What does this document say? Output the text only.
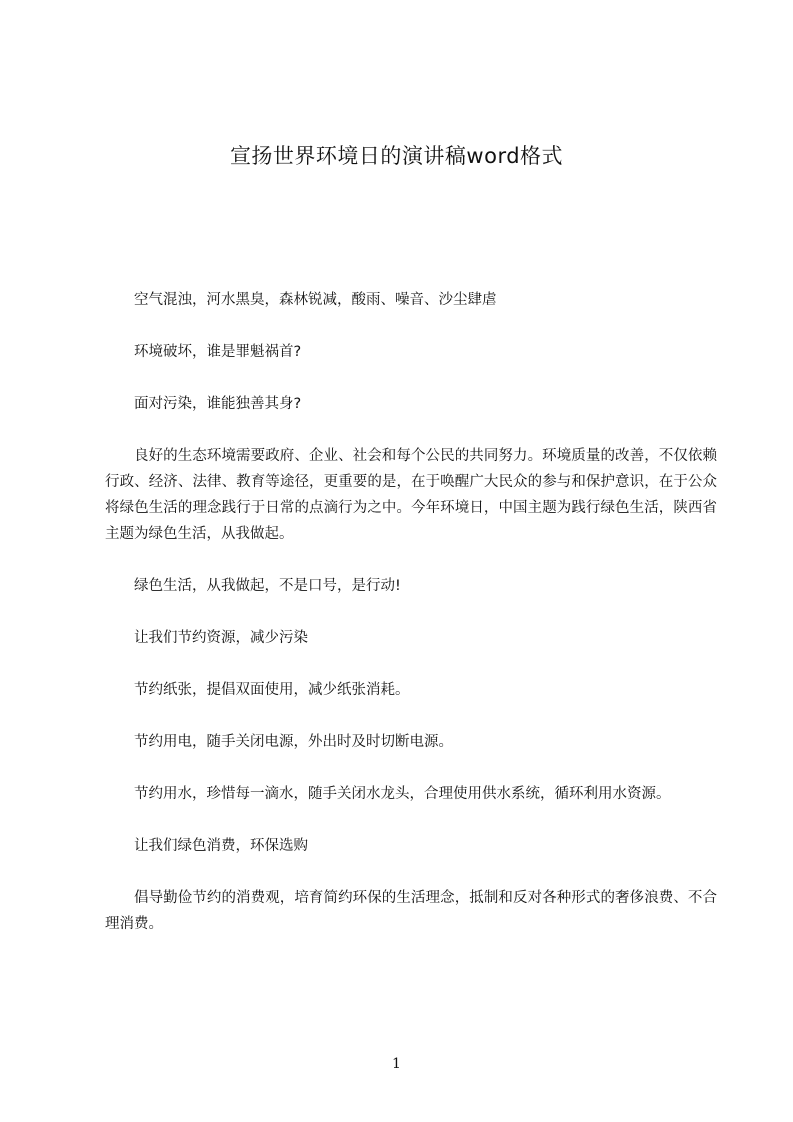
宣扬世界环境日的演讲稿word格式

空气混浊，河水黑臭，森林锐减，酸雨、噪音、沙尘肆虐

环境破坏，谁是罪魁祸首?

面对污染，谁能独善其身?

良好的生态环境需要政府、企业、社会和每个公民的共同努力。环境质量的改善，不仅依赖行政、经济、法律、教育等途径，更重要的是，在于唤醒广大民众的参与和保护意识，在于公众将绿色生活的理念践行于日常的点滴行为之中。今年环境日，中国主题为践行绿色生活，陕西省主题为绿色生活，从我做起。

绿色生活，从我做起，不是口号，是行动!

让我们节约资源，减少污染

节约纸张，提倡双面使用，减少纸张消耗。

节约用电，随手关闭电源，外出时及时切断电源。

节约用水，珍惜每一滴水，随手关闭水龙头，合理使用供水系统，循环利用水资源。

让我们绿色消费，环保选购

倡导勤俭节约的消费观，培育简约环保的生活理念，抵制和反对各种形式的奢侈浪费、不合理消费。

1
